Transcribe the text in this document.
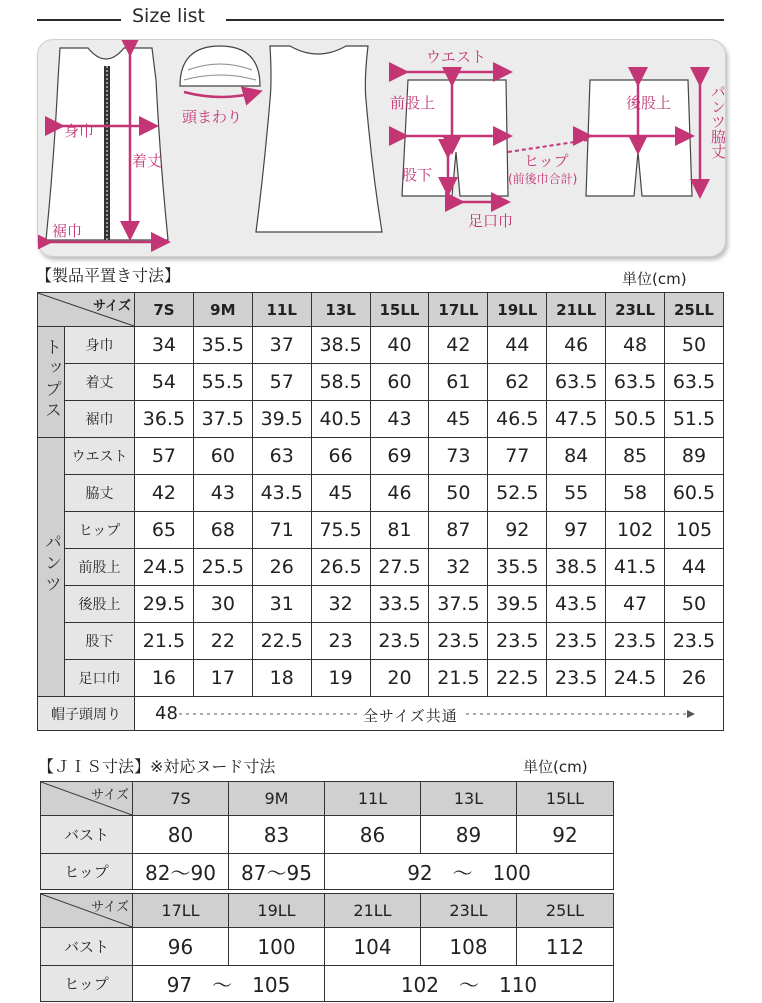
Size list
身巾
着丈
裾巾
頭まわり
ウエスト
前股上	後股上
股下
ヒップ
(前後巾合計)
足口巾
パンツ脇丈
【製品平置き寸法】	単位(cm)
サイズ		7S	9M	11L	13L	15LL	17LL	19LL	21LL	23LL	25LL
トップス	身巾	34	35.5	37	38.5	40	42	44	46	48	50
	着丈	54	55.5	57	58.5	60	61	62	63.5	63.5	63.5
	裾巾	36.5	37.5	39.5	40.5	43	45	46.5	47.5	50.5	51.5
パンツ	ウエスト	57	60	63	66	69	73	77	84	85	89
	脇丈	42	43	43.5	45	46	50	52.5	55	58	60.5
	ヒップ	65	68	71	75.5	81	87	92	97	102	105
	前股上	24.5	25.5	26	26.5	27.5	32	35.5	38.5	41.5	44
	後股上	29.5	30	31	32	33.5	37.5	39.5	43.5	47	50
	股下	21.5	22	22.5	23	23.5	23.5	23.5	23.5	23.5	23.5
	足口巾	16	17	18	19	20	21.5	22.5	23.5	24.5	26
帽子頭周り		48 全サイズ共通									
【ＪＩＳ寸法】※対応ヌード寸法	単位(cm)
サイズ	7S	9M	11L	13L	15LL
バスト	80	83	86	89	92
ヒップ	82〜90	87〜95	92　〜　100		
サイズ	17LL	19LL	21LL	23LL	25LL
バスト	96	100	104	108	112
ヒップ	97　〜　105		102　〜　110		
